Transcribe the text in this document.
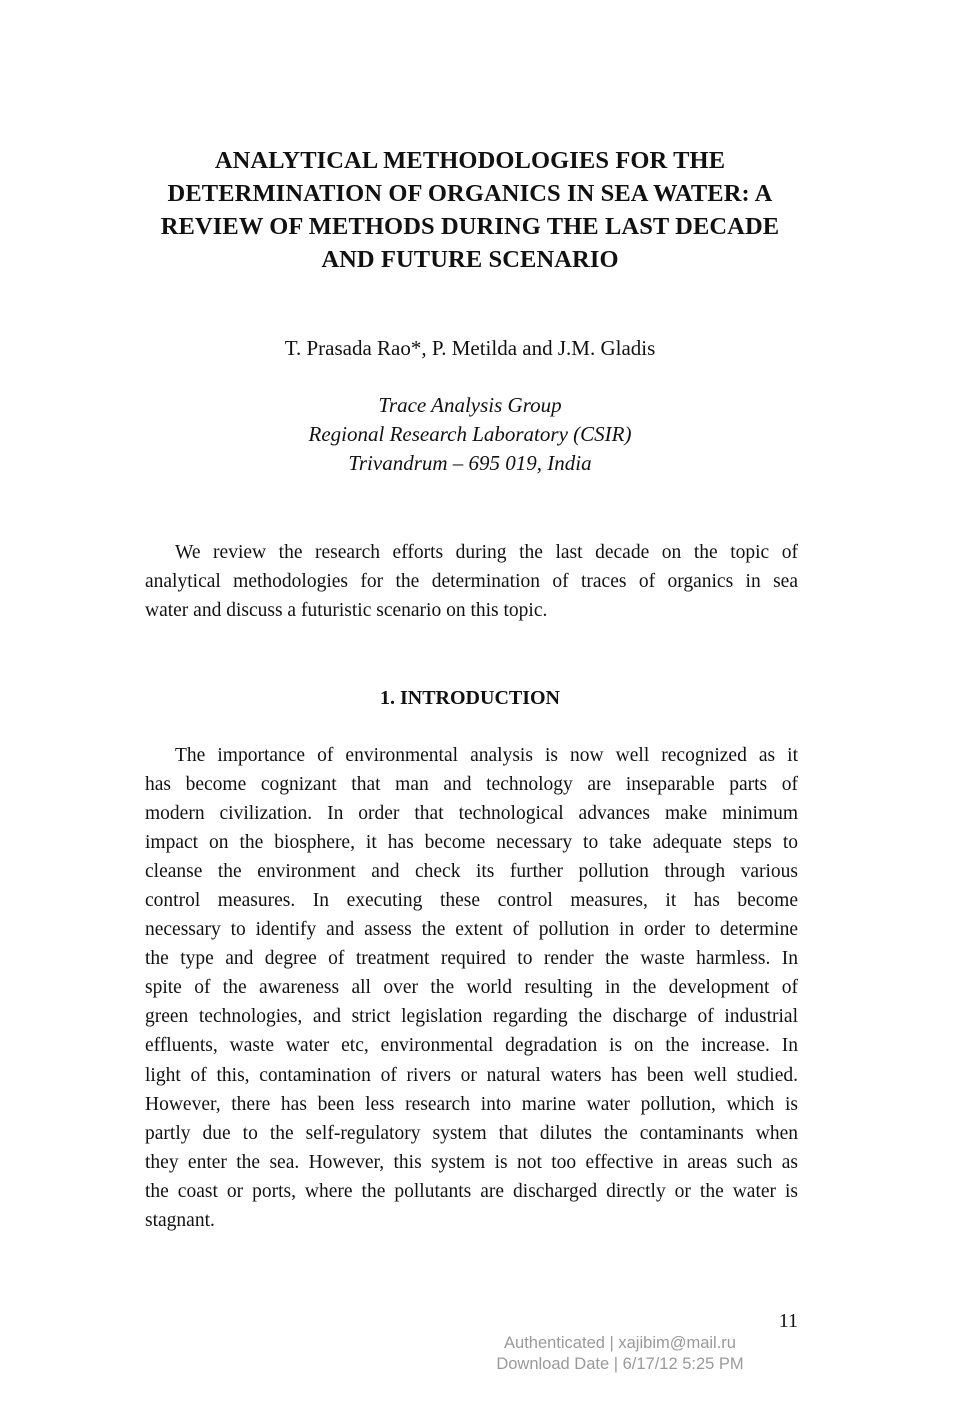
ANALYTICAL METHODOLOGIES FOR THE
DETERMINATION OF ORGANICS IN SEA WATER: A
REVIEW OF METHODS DURING THE LAST DECADE
AND FUTURE SCENARIO
T. Prasada Rao*, P. Metilda and J.M. Gladis
Trace Analysis Group
Regional Research Laboratory (CSIR)
Trivandrum – 695 019, India
We review the research efforts during the last decade on the topic of
analytical methodologies for the determination of traces of organics in sea
water and discuss a futuristic scenario on this topic.
1. INTRODUCTION
The importance of environmental analysis is now well recognized as it
has become cognizant that man and technology are inseparable parts of
modern civilization. In order that technological advances make minimum
impact on the biosphere, it has become necessary to take adequate steps to
cleanse the environment and check its further pollution through various
control measures. In executing these control measures, it has become
necessary to identify and assess the extent of pollution in order to determine
the type and degree of treatment required to render the waste harmless. In
spite of the awareness all over the world resulting in the development of
green technologies, and strict legislation regarding the discharge of industrial
effluents, waste water etc, environmental degradation is on the increase. In
light of this, contamination of rivers or natural waters has been well studied.
However, there has been less research into marine water pollution, which is
partly due to the self-regulatory system that dilutes the contaminants when
they enter the sea. However, this system is not too effective in areas such as
the coast or ports, where the pollutants are discharged directly or the water is
stagnant.
11
Authenticated | xajibim@mail.ru
Download Date | 6/17/12 5:25 PM
